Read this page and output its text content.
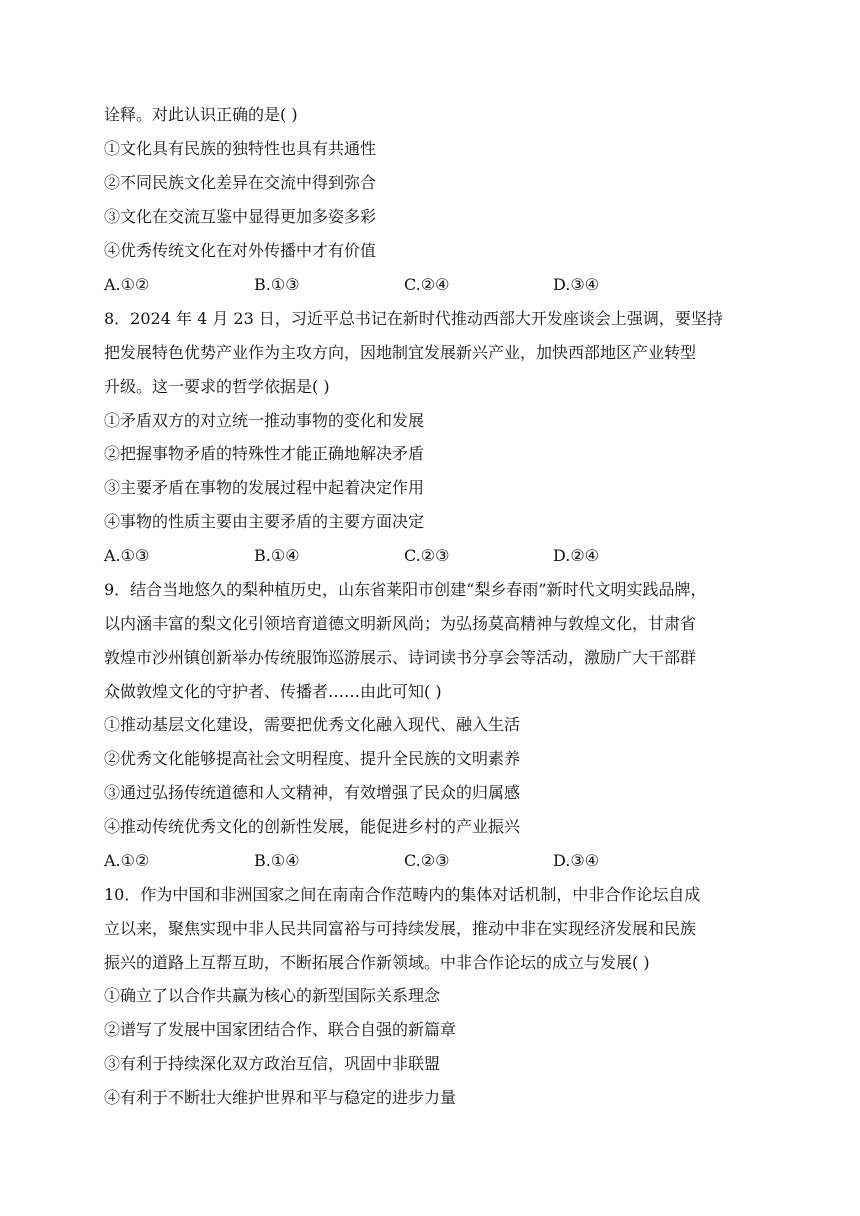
诠释。对此认识正确的是( )
①文化具有民族的独特性也具有共通性
②不同民族文化差异在交流中得到弥合
③文化在交流互鉴中显得更加多姿多彩
④优秀传统文化在对外传播中才有价值
A.①②	B.①③	C.②④	D.③④
8．2024 年 4 月 23 日，习近平总书记在新时代推动西部大开发座谈会上强调，要坚持
把发展特色优势产业作为主攻方向，因地制宜发展新兴产业，加快西部地区产业转型
升级。这一要求的哲学依据是( )
①矛盾双方的对立统一推动事物的变化和发展
②把握事物矛盾的特殊性才能正确地解决矛盾
③主要矛盾在事物的发展过程中起着决定作用
④事物的性质主要由主要矛盾的主要方面决定
A.①③	B.①④	C.②③	D.②④
9．结合当地悠久的梨种植历史，山东省莱阳市创建“梨乡春雨”新时代文明实践品牌，
以内涵丰富的梨文化引领培育道德文明新风尚；为弘扬莫高精神与敦煌文化，甘肃省
敦煌市沙州镇创新举办传统服饰巡游展示、诗词读书分享会等活动，激励广大干部群
众做敦煌文化的守护者、传播者……由此可知( )
①推动基层文化建设，需要把优秀文化融入现代、融入生活
②优秀文化能够提高社会文明程度、提升全民族的文明素养
③通过弘扬传统道德和人文精神，有效增强了民众的归属感
④推动传统优秀文化的创新性发展，能促进乡村的产业振兴
A.①②	B.①④	C.②③	D.③④
10．作为中国和非洲国家之间在南南合作范畴内的集体对话机制，中非合作论坛自成
立以来，聚焦实现中非人民共同富裕与可持续发展，推动中非在实现经济发展和民族
振兴的道路上互帮互助，不断拓展合作新领域。中非合作论坛的成立与发展( )
①确立了以合作共赢为核心的新型国际关系理念
②谱写了发展中国家团结合作、联合自强的新篇章
③有利于持续深化双方政治互信，巩固中非联盟
④有利于不断壮大维护世界和平与稳定的进步力量
